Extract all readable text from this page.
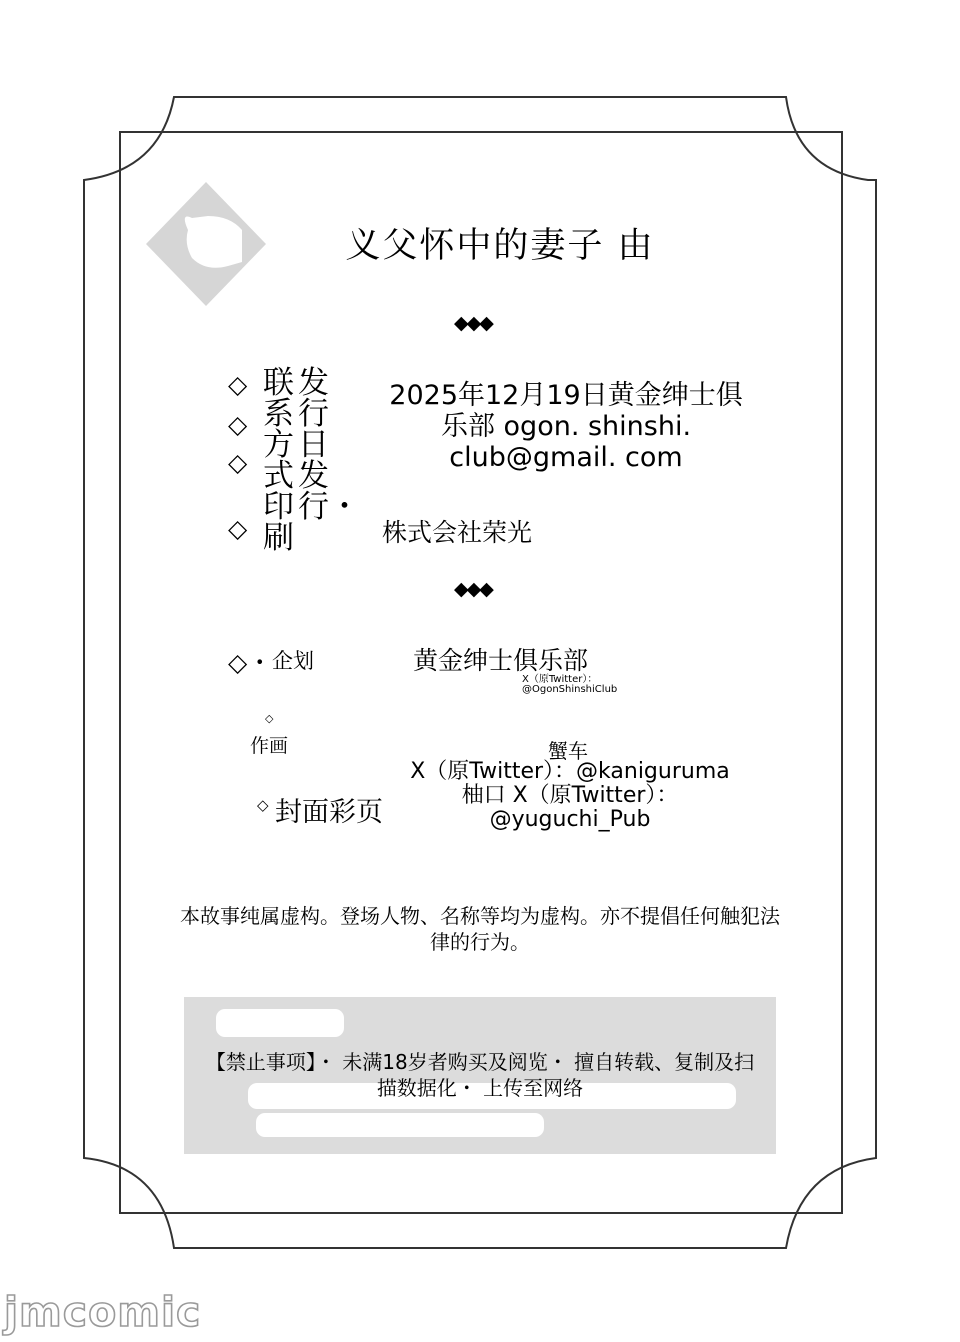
义父怀中的妻子 由
◆◆◆
◇
◇
◇
◇
联系方式印刷
发行日发行・
2025年12月19日黄金绅士俱乐部 ogon. shinshi. club@gmail. com
株式会社荣光
◆◆◆
◇・ 企划	黄金绅士俱乐部
X（原Twitter）：@OgonShinshiClub
◇
作画	蟹车
◇ 封面彩页
X（原Twitter）：@kaniguruma
柚口 X（原Twitter）：@yuguchi_Pub
本故事纯属虚构。登场人物、名称等均为虚构。亦不提倡任何触犯法律的行为。
【禁止事项】・ 未满18岁者购买及阅览・ 擅自转载、复制及扫描数据化・ 上传至网络
jmcomic
